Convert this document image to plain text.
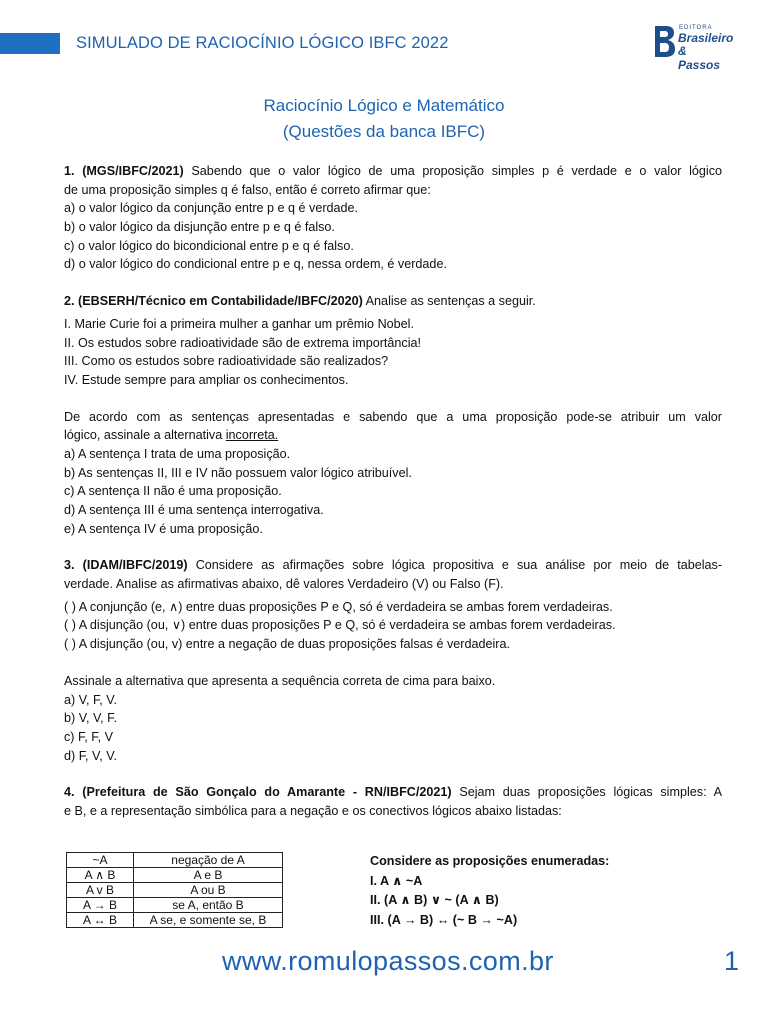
SIMULADO DE RACIOCÍNIO LÓGICO IBFC 2022
EDITORA
Brasileiro
& Passos
Raciocínio Lógico e Matemático
(Questões da banca IBFC)
1. (MGS/IBFC/2021) Sabendo que o valor lógico de uma proposição simples p é verdade e o valor lógico
de uma proposição simples q é falso, então é correto afirmar que:
a) o valor lógico da conjunção entre p e q é verdade.
b) o valor lógico da disjunção entre p e q é falso.
c) o valor lógico do bicondicional entre p e q é falso.
d) o valor lógico do condicional entre p e q, nessa ordem, é verdade.
2. (EBSERH/Técnico em Contabilidade/IBFC/2020) Analise as sentenças a seguir.
I. Marie Curie foi a primeira mulher a ganhar um prêmio Nobel.
II. Os estudos sobre radioatividade são de extrema importância!
III. Como os estudos sobre radioatividade são realizados?
IV. Estude sempre para ampliar os conhecimentos.
De acordo com as sentenças apresentadas e sabendo que a uma proposição pode-se atribuir um valor
lógico, assinale a alternativa incorreta.
a) A sentença I trata de uma proposição.
b) As sentenças II, III e IV não possuem valor lógico atribuível.
c) A sentença II não é uma proposição.
d) A sentença III é uma sentença interrogativa.
e) A sentença IV é uma proposição.
3. (IDAM/IBFC/2019) Considere as afirmações sobre lógica propositiva e sua análise por meio de tabelas-
verdade. Analise as afirmativas abaixo, dê valores Verdadeiro (V) ou Falso (F).
( ) A conjunção (e, ∧) entre duas proposições P e Q, só é verdadeira se ambas forem verdadeiras.
( ) A disjunção (ou, ∨) entre duas proposições P e Q, só é verdadeira se ambas forem verdadeiras.
( ) A disjunção (ou, v) entre a negação de duas proposições falsas é verdadeira.
Assinale a alternativa que apresenta a sequência correta de cima para baixo.
a) V, F, V.
b) V, V, F.
c) F, F, V
d) F, V, V.
4. (Prefeitura de São Gonçalo do Amarante - RN/IBFC/2021) Sejam duas proposições lógicas simples: A
e B, e a representação simbólica para a negação e os conectivos lógicos abaixo listadas:
~A	negação de A
A ∧ B	A e B
A v B	A ou B
A → B	se A, então B
A ↔ B	A se, e somente se, B
Considere as proposições enumeradas:
I. A ∧ ~A
II. (A ∧ B) ∨ ~ (A ∧ B)
III. (A → B) ↔ (~ B → ~A)
www.romulopassos.com.br	1
